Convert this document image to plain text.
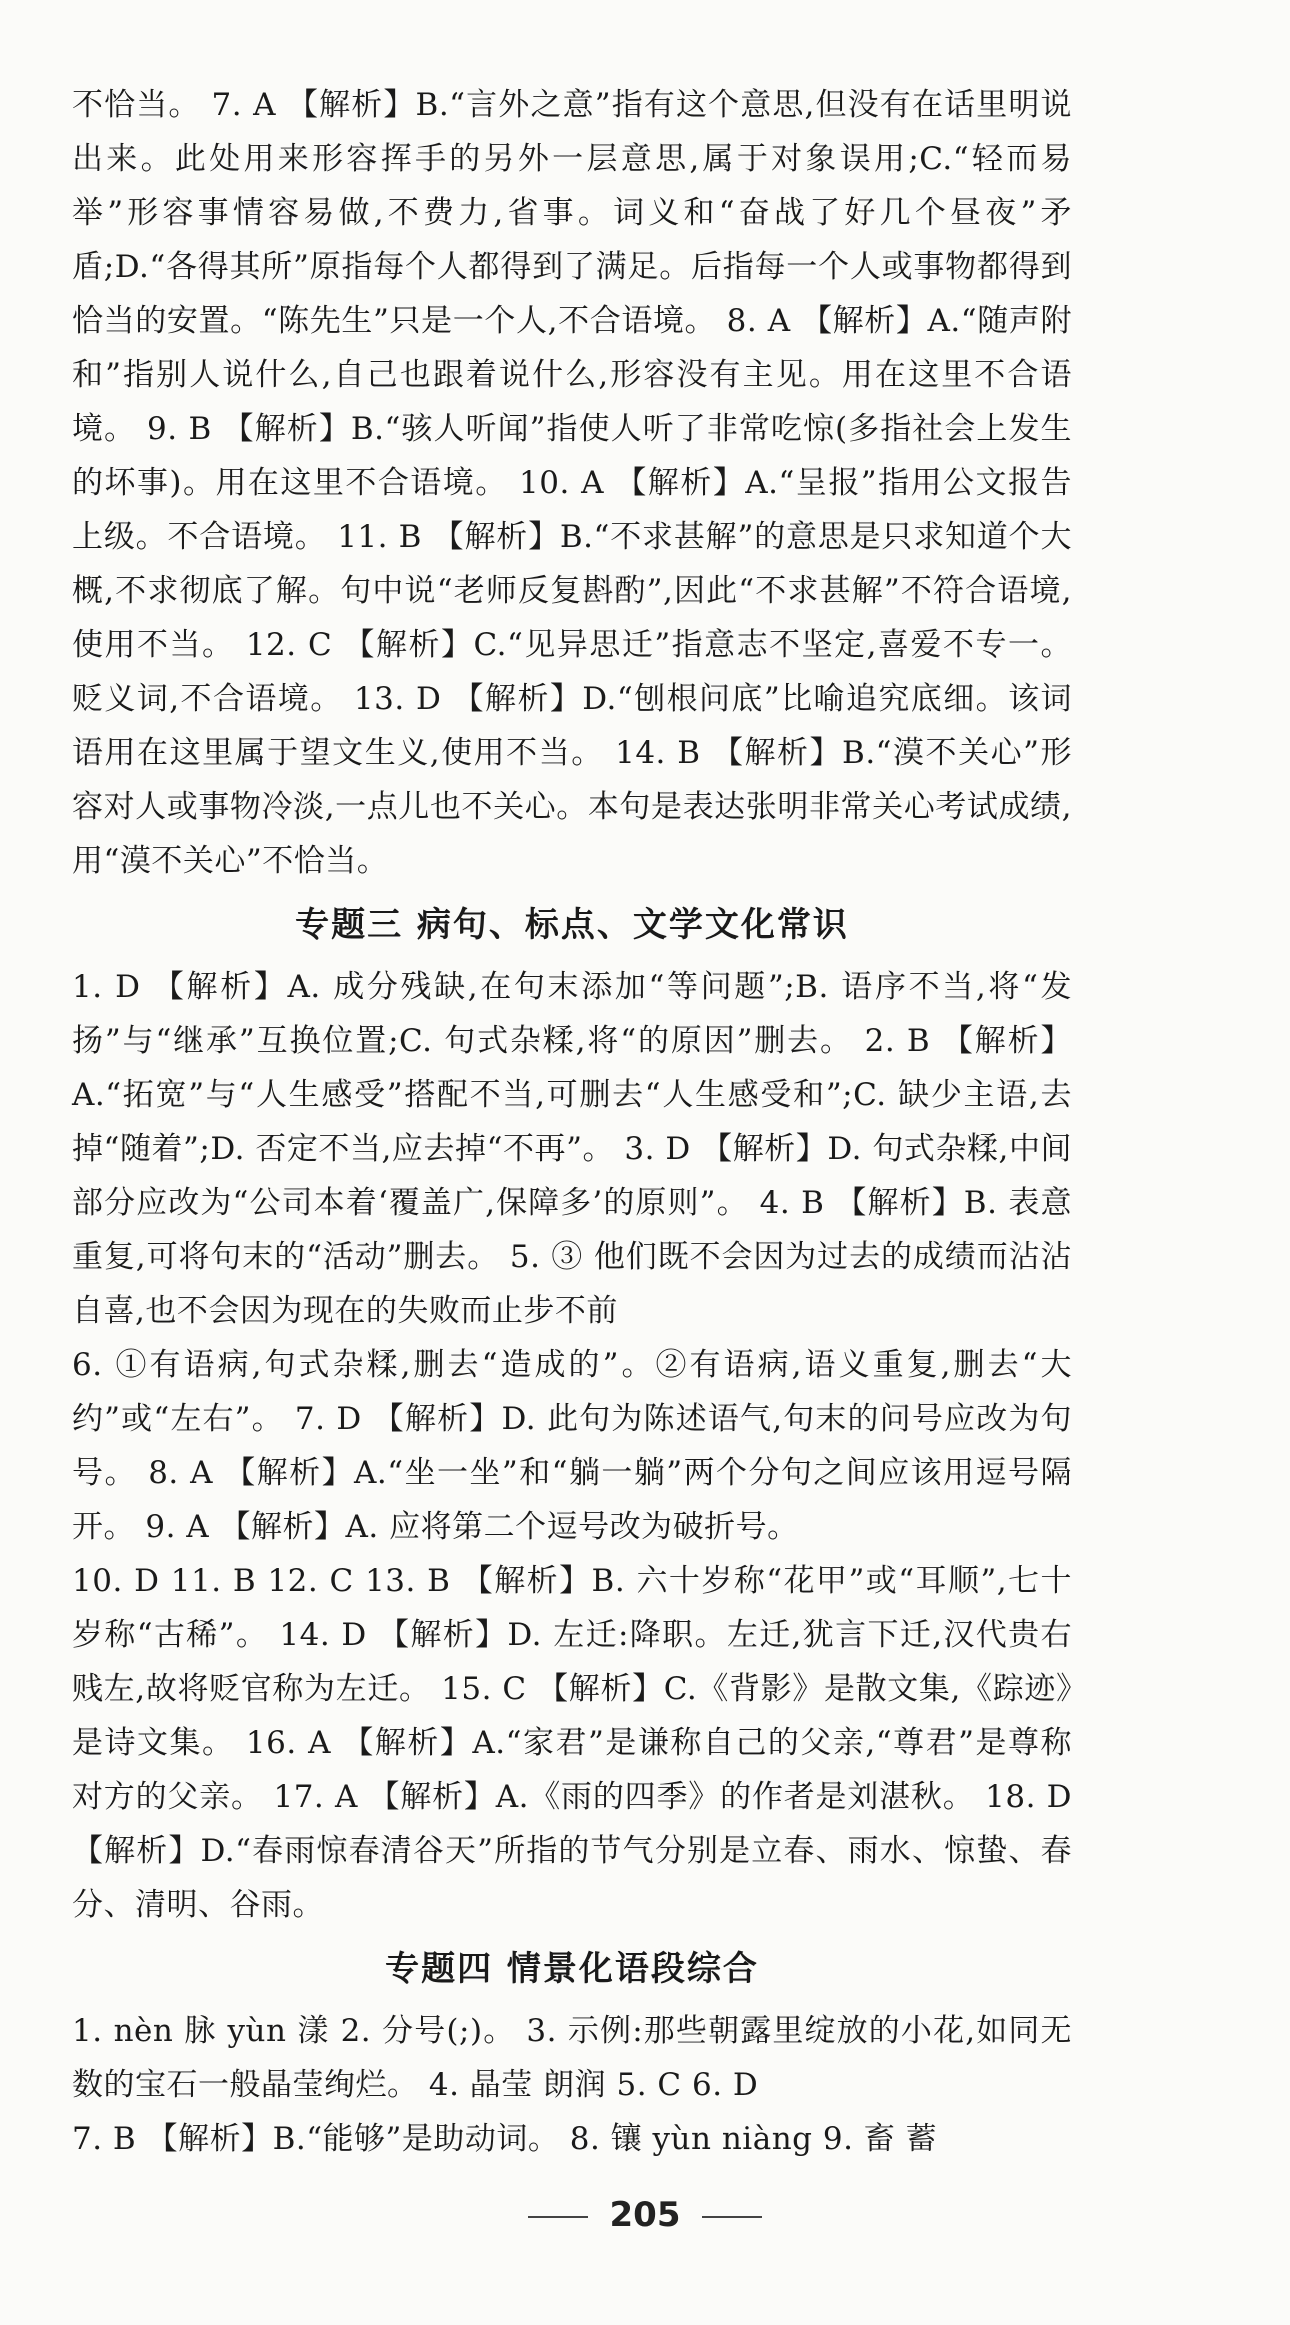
不恰当。 7. A 【解析】B.“言外之意”指有这个意思,但没有在话里明说出来。此处用来形容挥手的另外一层意思,属于对象误用;C.“轻而易举”形容事情容易做,不费力,省事。词义和“奋战了好几个昼夜”矛盾;D.“各得其所”原指每个人都得到了满足。后指每一个人或事物都得到恰当的安置。“陈先生”只是一个人,不合语境。 8. A 【解析】A.“随声附和”指别人说什么,自己也跟着说什么,形容没有主见。用在这里不合语境。 9. B 【解析】B.“骇人听闻”指使人听了非常吃惊(多指社会上发生的坏事)。用在这里不合语境。 10. A 【解析】A.“呈报”指用公文报告上级。不合语境。 11. B 【解析】B.“不求甚解”的意思是只求知道个大概,不求彻底了解。句中说“老师反复斟酌”,因此“不求甚解”不符合语境,使用不当。 12. C 【解析】C.“见异思迁”指意志不坚定,喜爱不专一。贬义词,不合语境。 13. D 【解析】D.“刨根问底”比喻追究底细。该词语用在这里属于望文生义,使用不当。 14. B 【解析】B.“漠不关心”形容对人或事物冷淡,一点儿也不关心。本句是表达张明非常关心考试成绩,用“漠不关心”不恰当。

专题三 病句、标点、文学文化常识

1. D 【解析】A. 成分残缺,在句末添加“等问题”;B. 语序不当,将“发扬”与“继承”互换位置;C. 句式杂糅,将“的原因”删去。 2. B 【解析】A.“拓宽”与“人生感受”搭配不当,可删去“人生感受和”;C. 缺少主语,去掉“随着”;D. 否定不当,应去掉“不再”。 3. D 【解析】D. 句式杂糅,中间部分应改为“公司本着‘覆盖广,保障多’的原则”。 4. B 【解析】B. 表意重复,可将句末的“活动”删去。 5. ③ 他们既不会因为过去的成绩而沾沾自喜,也不会因为现在的失败而止步不前

6. ①有语病,句式杂糅,删去“造成的”。②有语病,语义重复,删去“大约”或“左右”。 7. D 【解析】D. 此句为陈述语气,句末的问号应改为句号。 8. A 【解析】A.“坐一坐”和“躺一躺”两个分句之间应该用逗号隔开。 9. A 【解析】A. 应将第二个逗号改为破折号。

10. D 11. B 12. C 13. B 【解析】B. 六十岁称“花甲”或“耳顺”,七十岁称“古稀”。 14. D 【解析】D. 左迁:降职。左迁,犹言下迁,汉代贵右贱左,故将贬官称为左迁。 15. C 【解析】C.《背影》是散文集,《踪迹》是诗文集。 16. A 【解析】A.“家君”是谦称自己的父亲,“尊君”是尊称对方的父亲。 17. A 【解析】A.《雨的四季》的作者是刘湛秋。 18. D 【解析】D.“春雨惊春清谷天”所指的节气分别是立春、雨水、惊蛰、春分、清明、谷雨。

专题四 情景化语段综合

1. nèn 脉 yùn 漾 2. 分号(;)。 3. 示例:那些朝露里绽放的小花,如同无数的宝石一般晶莹绚烂。 4. 晶莹 朗润 5. C 6. D

7. B 【解析】B.“能够”是助动词。 8. 镶 yùn niàng 9. 畜 蓄

205
